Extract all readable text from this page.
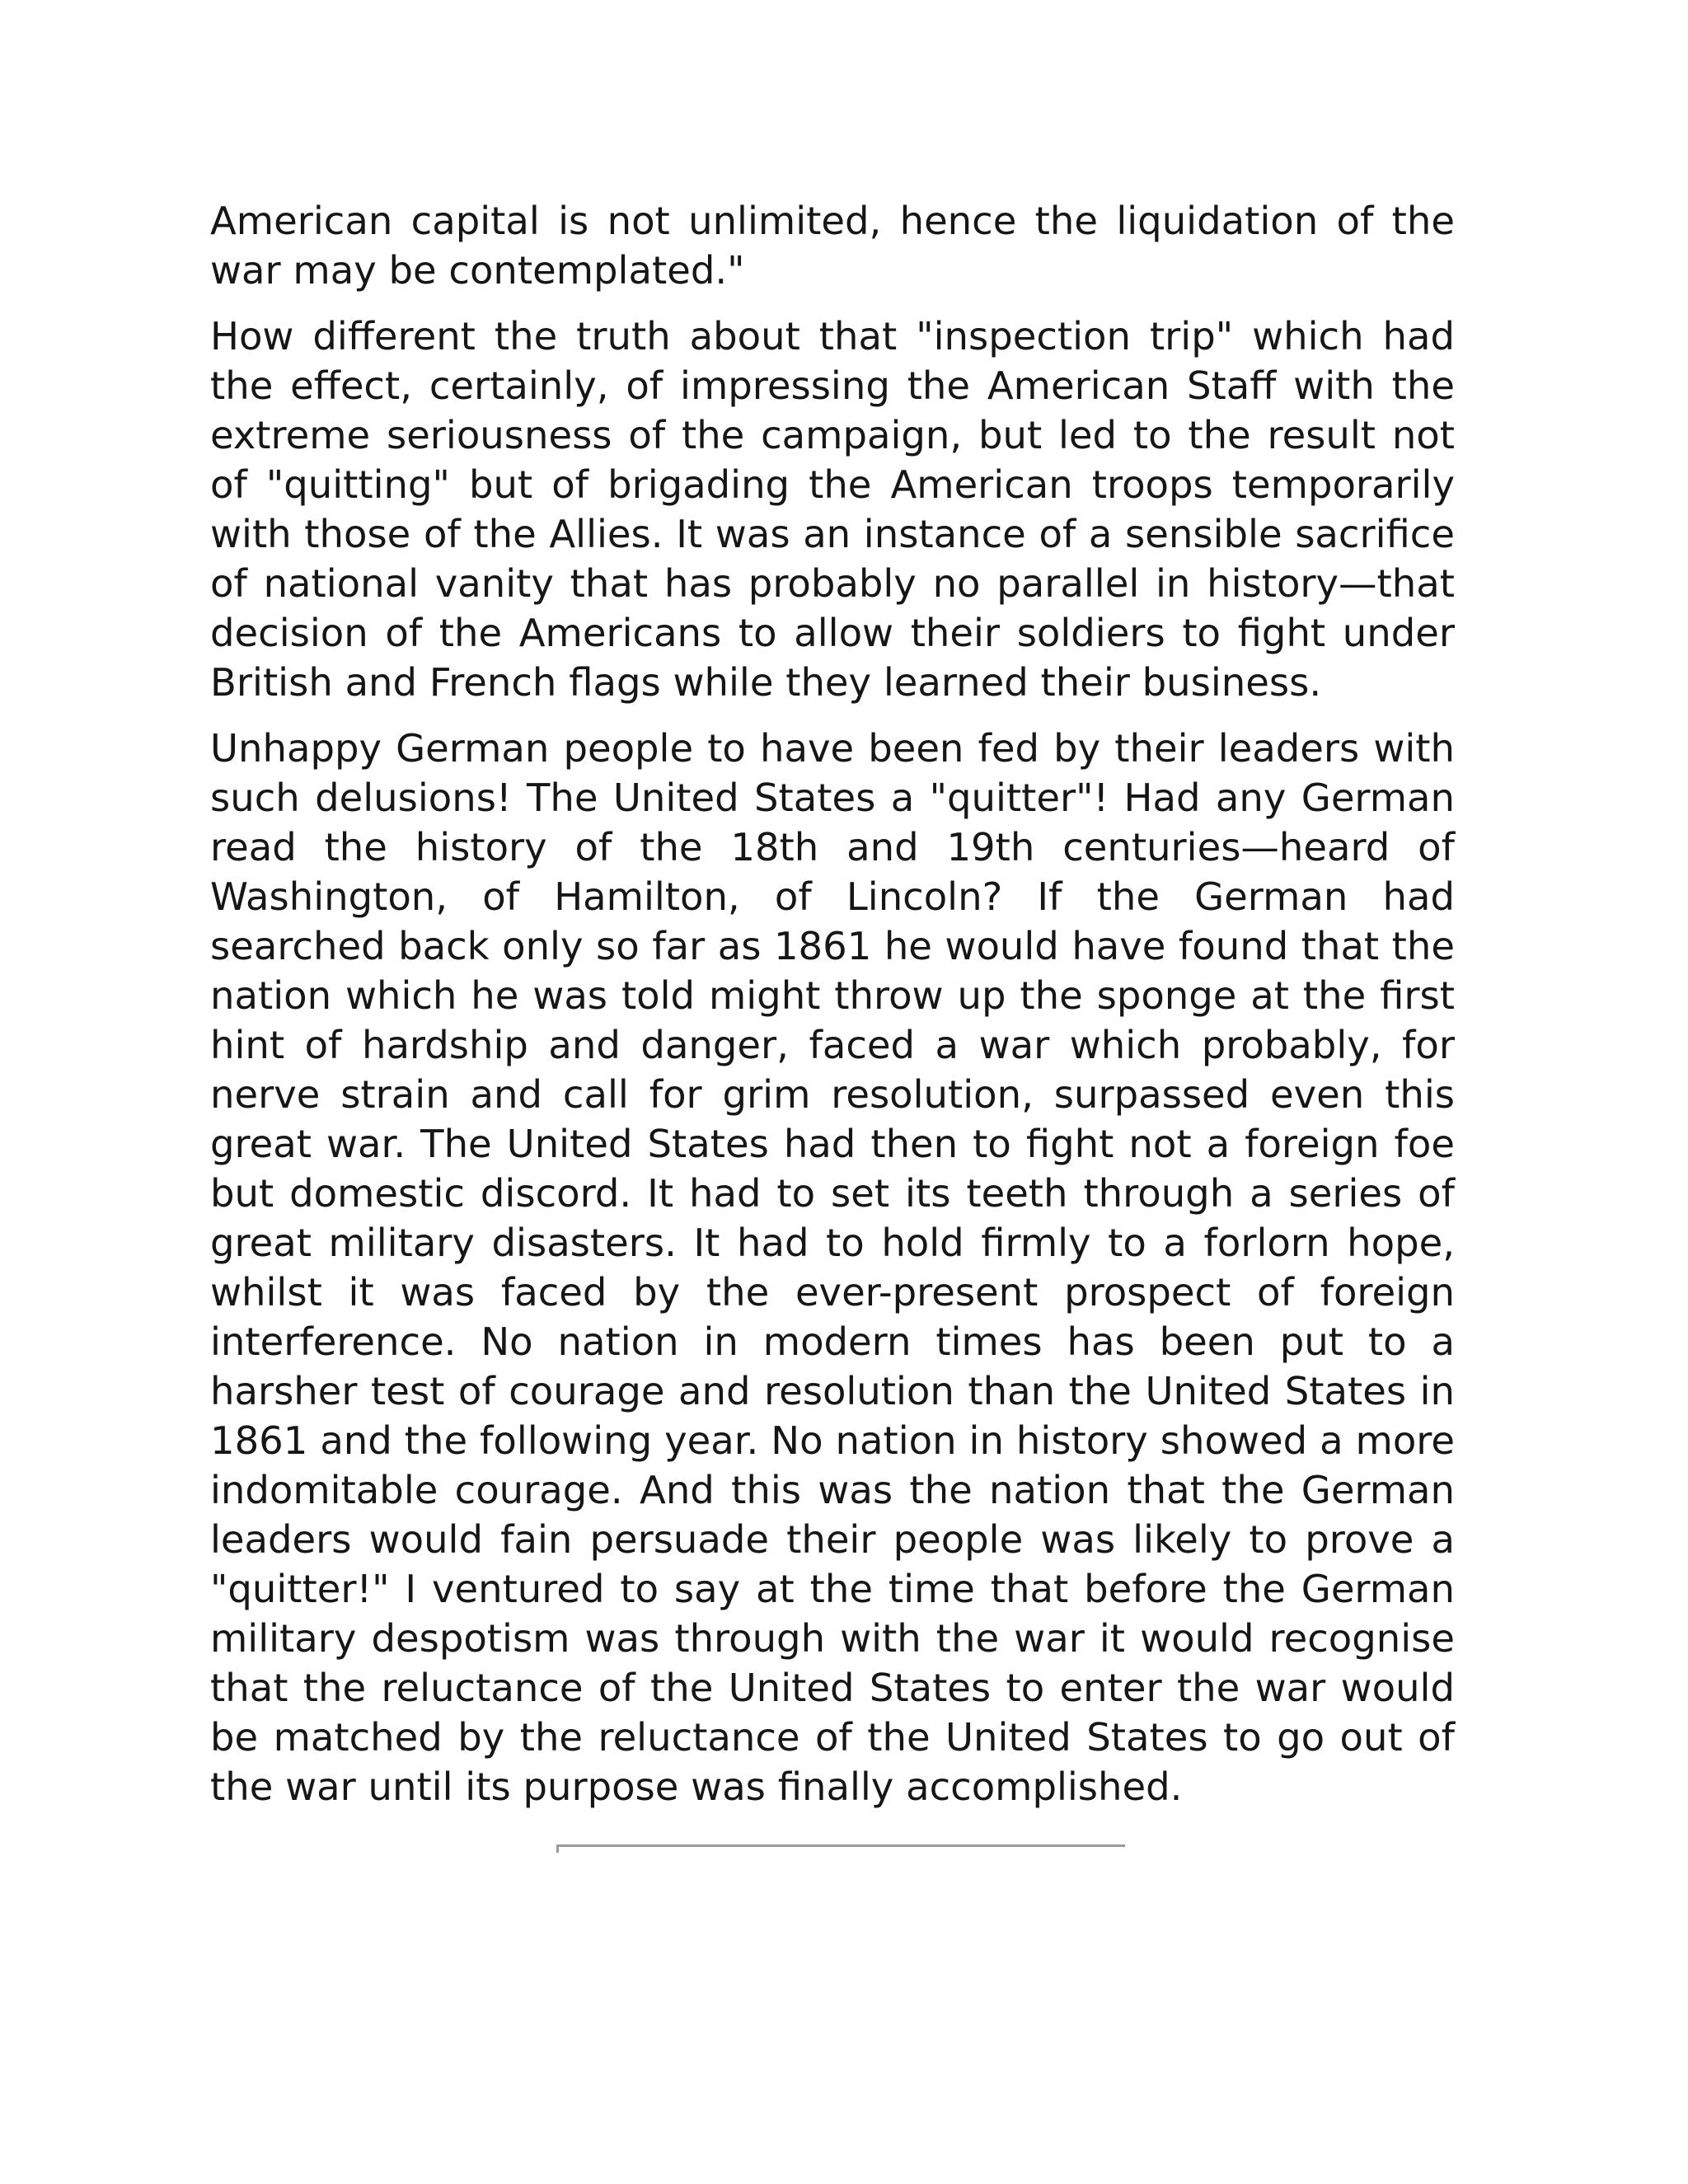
American capital is not unlimited, hence the liquidation of the war may be contemplated."

How different the truth about that "inspection trip" which had the effect, certainly, of impressing the American Staff with the extreme seriousness of the campaign, but led to the result not of "quitting" but of brigading the American troops temporarily with those of the Allies. It was an instance of a sensible sacrifice of national vanity that has probably no parallel in history—that decision of the Americans to allow their soldiers to fight under British and French flags while they learned their business.

Unhappy German people to have been fed by their leaders with such delusions! The United States a "quitter"! Had any German read the history of the 18th and 19th centuries—heard of Washington, of Hamilton, of Lincoln? If the German had searched back only so far as 1861 he would have found that the nation which he was told might throw up the sponge at the first hint of hardship and danger, faced a war which probably, for nerve strain and call for grim resolution, surpassed even this great war. The United States had then to fight not a foreign foe but domestic discord. It had to set its teeth through a series of great military disasters. It had to hold firmly to a forlorn hope, whilst it was faced by the ever-present prospect of foreign interference. No nation in modern times has been put to a harsher test of courage and resolution than the United States in 1861 and the following year. No nation in history showed a more indomitable courage. And this was the nation that the German leaders would fain persuade their people was likely to prove a "quitter!" I ventured to say at the time that before the German military despotism was through with the war it would recognise that the reluctance of the United States to enter the war would be matched by the reluctance of the United States to go out of the war until its purpose was finally accomplished.
